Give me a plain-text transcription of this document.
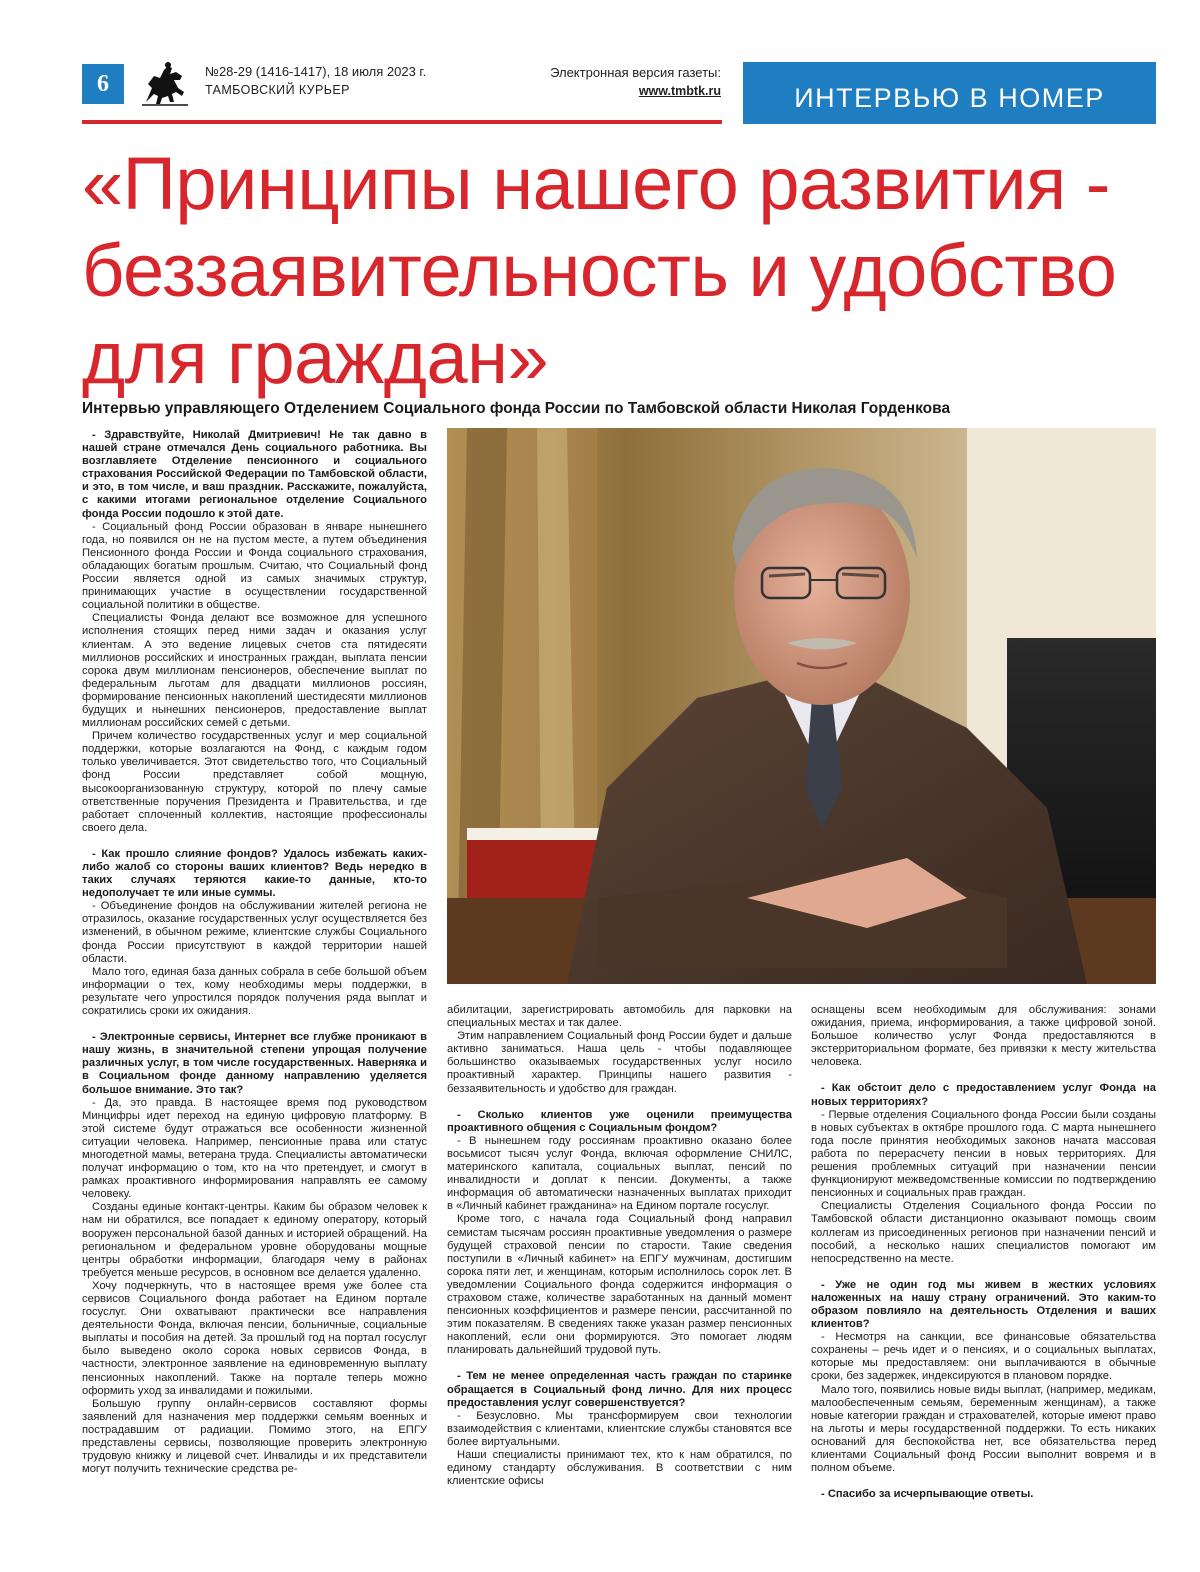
6	№28-29 (1416-1417), 18 июля 2023 г.
ТАМБОВСКИЙ КУРЬЕР
Электронная версия газеты:
www.tmbtk.ru	ИНТЕРВЬЮ В НОМЕР
«Принципы нашего развития -
беззаявительность и удобство
для граждан»
Интервью управляющего Отделением Социального фонда России по Тамбовской области Николая Горденкова

- Здравствуйте, Николай Дмитриевич! Не так давно в нашей стране отмечался День социального работника. Вы возглавляете Отделение пенсионного и социального страхования Российской Федерации по Тамбовской области, и это, в том числе, и ваш праздник. Расскажите, пожалуйста, с какими итогами региональное отделение Социального фонда России подошло к этой дате.

- Социальный фонд России образован в январе нынешнего года, но появился он не на пустом месте, а путем объединения Пенсионного фонда России и Фонда социального страхования, обладающих богатым прошлым. Считаю, что Социальный фонд России является одной из самых значимых структур, принимающих участие в осуществлении государственной социальной политики в обществе.

Специалисты Фонда делают все возможное для успешного исполнения стоящих перед ними задач и оказания услуг клиентам. А это ведение лицевых счетов ста пятидесяти миллионов российских и иностранных граждан, выплата пенсии сорока двум миллионам пенсионеров, обеспечение выплат по федеральным льготам для двадцати миллионов россиян, формирование пенсионных накоплений шестидесяти миллионов будущих и нынешних пенсионеров, предоставление выплат миллионам российских семей с детьми.

Причем количество государственных услуг и мер социальной поддержки, которые возлагаются на Фонд, с каждым годом только увеличивается. Этот свидетельство того, что Социальный фонд России представляет собой мощную, высокоорганизованную структуру, которой по плечу самые ответственные поручения Президента и Правительства, и где работает сплоченный коллектив, настоящие профессионалы своего дела.

- Как прошло слияние фондов? Удалось избежать каких-либо жалоб со стороны ваших клиентов? Ведь нередко в таких случаях теряются какие-то данные, кто-то недополучает те или иные суммы.

- Объединение фондов на обслуживании жителей региона не отразилось, оказание государственных услуг осуществляется без изменений, в обычном режиме, клиентские службы Социального фонда России присутствуют в каждой территории нашей области.

Мало того, единая база данных собрала в себе большой объем информации о тех, кому необходимы меры поддержки, в результате чего упростился порядок получения ряда выплат и сократились сроки их ожидания.

- Электронные сервисы, Интернет все глубже проникают в нашу жизнь, в значительной степени упрощая получение различных услуг, в том числе государственных. Наверняка и в Социальном фонде данному направлению уделяется большое внимание. Это так?

- Да, это правда. В настоящее время под руководством Минцифры идет переход на единую цифровую платформу. В этой системе будут отражаться все особенности жизненной ситуации человека. Например, пенсионные права или статус многодетной мамы, ветерана труда. Специалисты автоматически получат информацию о том, кто на что претендует, и смогут в рамках проактивного информирования направлять ее самому человеку.

Созданы единые контакт-центры. Каким бы образом человек к нам ни обратился, все попадает к единому оператору, который вооружен персональной базой данных и историей обращений. На региональном и федеральном уровне оборудованы мощные центры обработки информации, благодаря чему в районах требуется меньше ресурсов, в основном все делается удаленно.

Хочу подчеркнуть, что в настоящее время уже более ста сервисов Социального фонда работает на Едином портале госуслуг. Они охватывают практически все направления деятельности Фонда, включая пенсии, больничные, социальные выплаты и пособия на детей. За прошлый год на портал госуслуг было выведено около сорока новых сервисов Фонда, в частности, электронное заявление на единовременную выплату пенсионных накоплений. Также на портале теперь можно оформить уход за инвалидами и пожилыми.

Большую группу онлайн-сервисов составляют формы заявлений для назначения мер поддержки семьям военных и пострадавшим от радиации. Помимо этого, на ЕПГУ представлены сервисы, позволяющие проверить электронную трудовую книжку и лицевой счет. Инвалиды и их представители могут получить технические средства ре-

абилитации, зарегистрировать автомобиль для парковки на специальных местах и так далее.

Этим направлением Социальный фонд России будет и дальше активно заниматься. Наша цель - чтобы подавляющее большинство оказываемых государственных услуг носило проактивный характер. Принципы нашего развития - беззаявительность и удобство для граждан.

- Сколько клиентов уже оценили преимущества проактивного общения с Социальным фондом?

- В нынешнем году россиянам проактивно оказано более восьмисот тысяч услуг Фонда, включая оформление СНИЛС, материнского капитала, социальных выплат, пенсий по инвалидности и доплат к пенсии. Документы, а также информация об автоматически назначенных выплатах приходит в «Личный кабинет гражданина» на Едином портале госуслуг.

Кроме того, с начала года Социальный фонд направил семистам тысячам россиян проактивные уведомления о размере будущей страховой пенсии по старости. Такие сведения поступили в «Личный кабинет» на ЕПГУ мужчинам, достигшим сорока пяти лет, и женщинам, которым исполнилось сорок лет. В уведомлении Социального фонда содержится информация о страховом стаже, количестве заработанных на данный момент пенсионных коэффициентов и размере пенсии, рассчитанной по этим показателям. В сведениях также указан размер пенсионных накоплений, если они формируются. Это помогает людям планировать дальнейший трудовой путь.

- Тем не менее определенная часть граждан по старинке обращается в Социальный фонд лично. Для них процесс предоставления услуг совершенствуется?

- Безусловно. Мы трансформируем свои технологии взаимодействия с клиентами, клиентские службы становятся все более виртуальными.

Наши специалисты принимают тех, кто к нам обратился, по единому стандарту обслуживания. В соответствии с ним клиентские офисы

оснащены всем необходимым для обслуживания: зонами ожидания, приема, информирования, а также цифровой зоной. Большое количество услуг Фонда предоставляются в экстерриториальном формате, без привязки к месту жительства человека.

- Как обстоит дело с предоставлением услуг Фонда на новых территориях?

- Первые отделения Социального фонда России были созданы в новых субъектах в октябре прошлого года. С марта нынешнего года после принятия необходимых законов начата массовая работа по перерасчету пенсии в новых территориях. Для решения проблемных ситуаций при назначении пенсии функционируют межведомственные комиссии по подтверждению пенсионных и социальных прав граждан.

Специалисты Отделения Социального фонда России по Тамбовской области дистанционно оказывают помощь своим коллегам из присоединенных регионов при назначении пенсий и пособий, а несколько наших специалистов помогают им непосредственно на месте.

- Уже не один год мы живем в жестких условиях наложенных на нашу страну ограничений. Это каким-то образом повлияло на деятельность Отделения и ваших клиентов?

- Несмотря на санкции, все финансовые обязательства сохранены – речь идет и о пенсиях, и о социальных выплатах, которые мы предоставляем: они выплачиваются в обычные сроки, без задержек, индексируются в плановом порядке.

Мало того, появились новые виды выплат, (например, медикам, малообеспеченным семьям, беременным женщинам), а также новые категории граждан и страхователей, которые имеют право на льготы и меры государственной поддержки. То есть никаких оснований для беспокойства нет, все обязательства перед клиентами Социальный фонд России выполнит вовремя и в полном объеме.

- Спасибо за исчерпывающие ответы.
